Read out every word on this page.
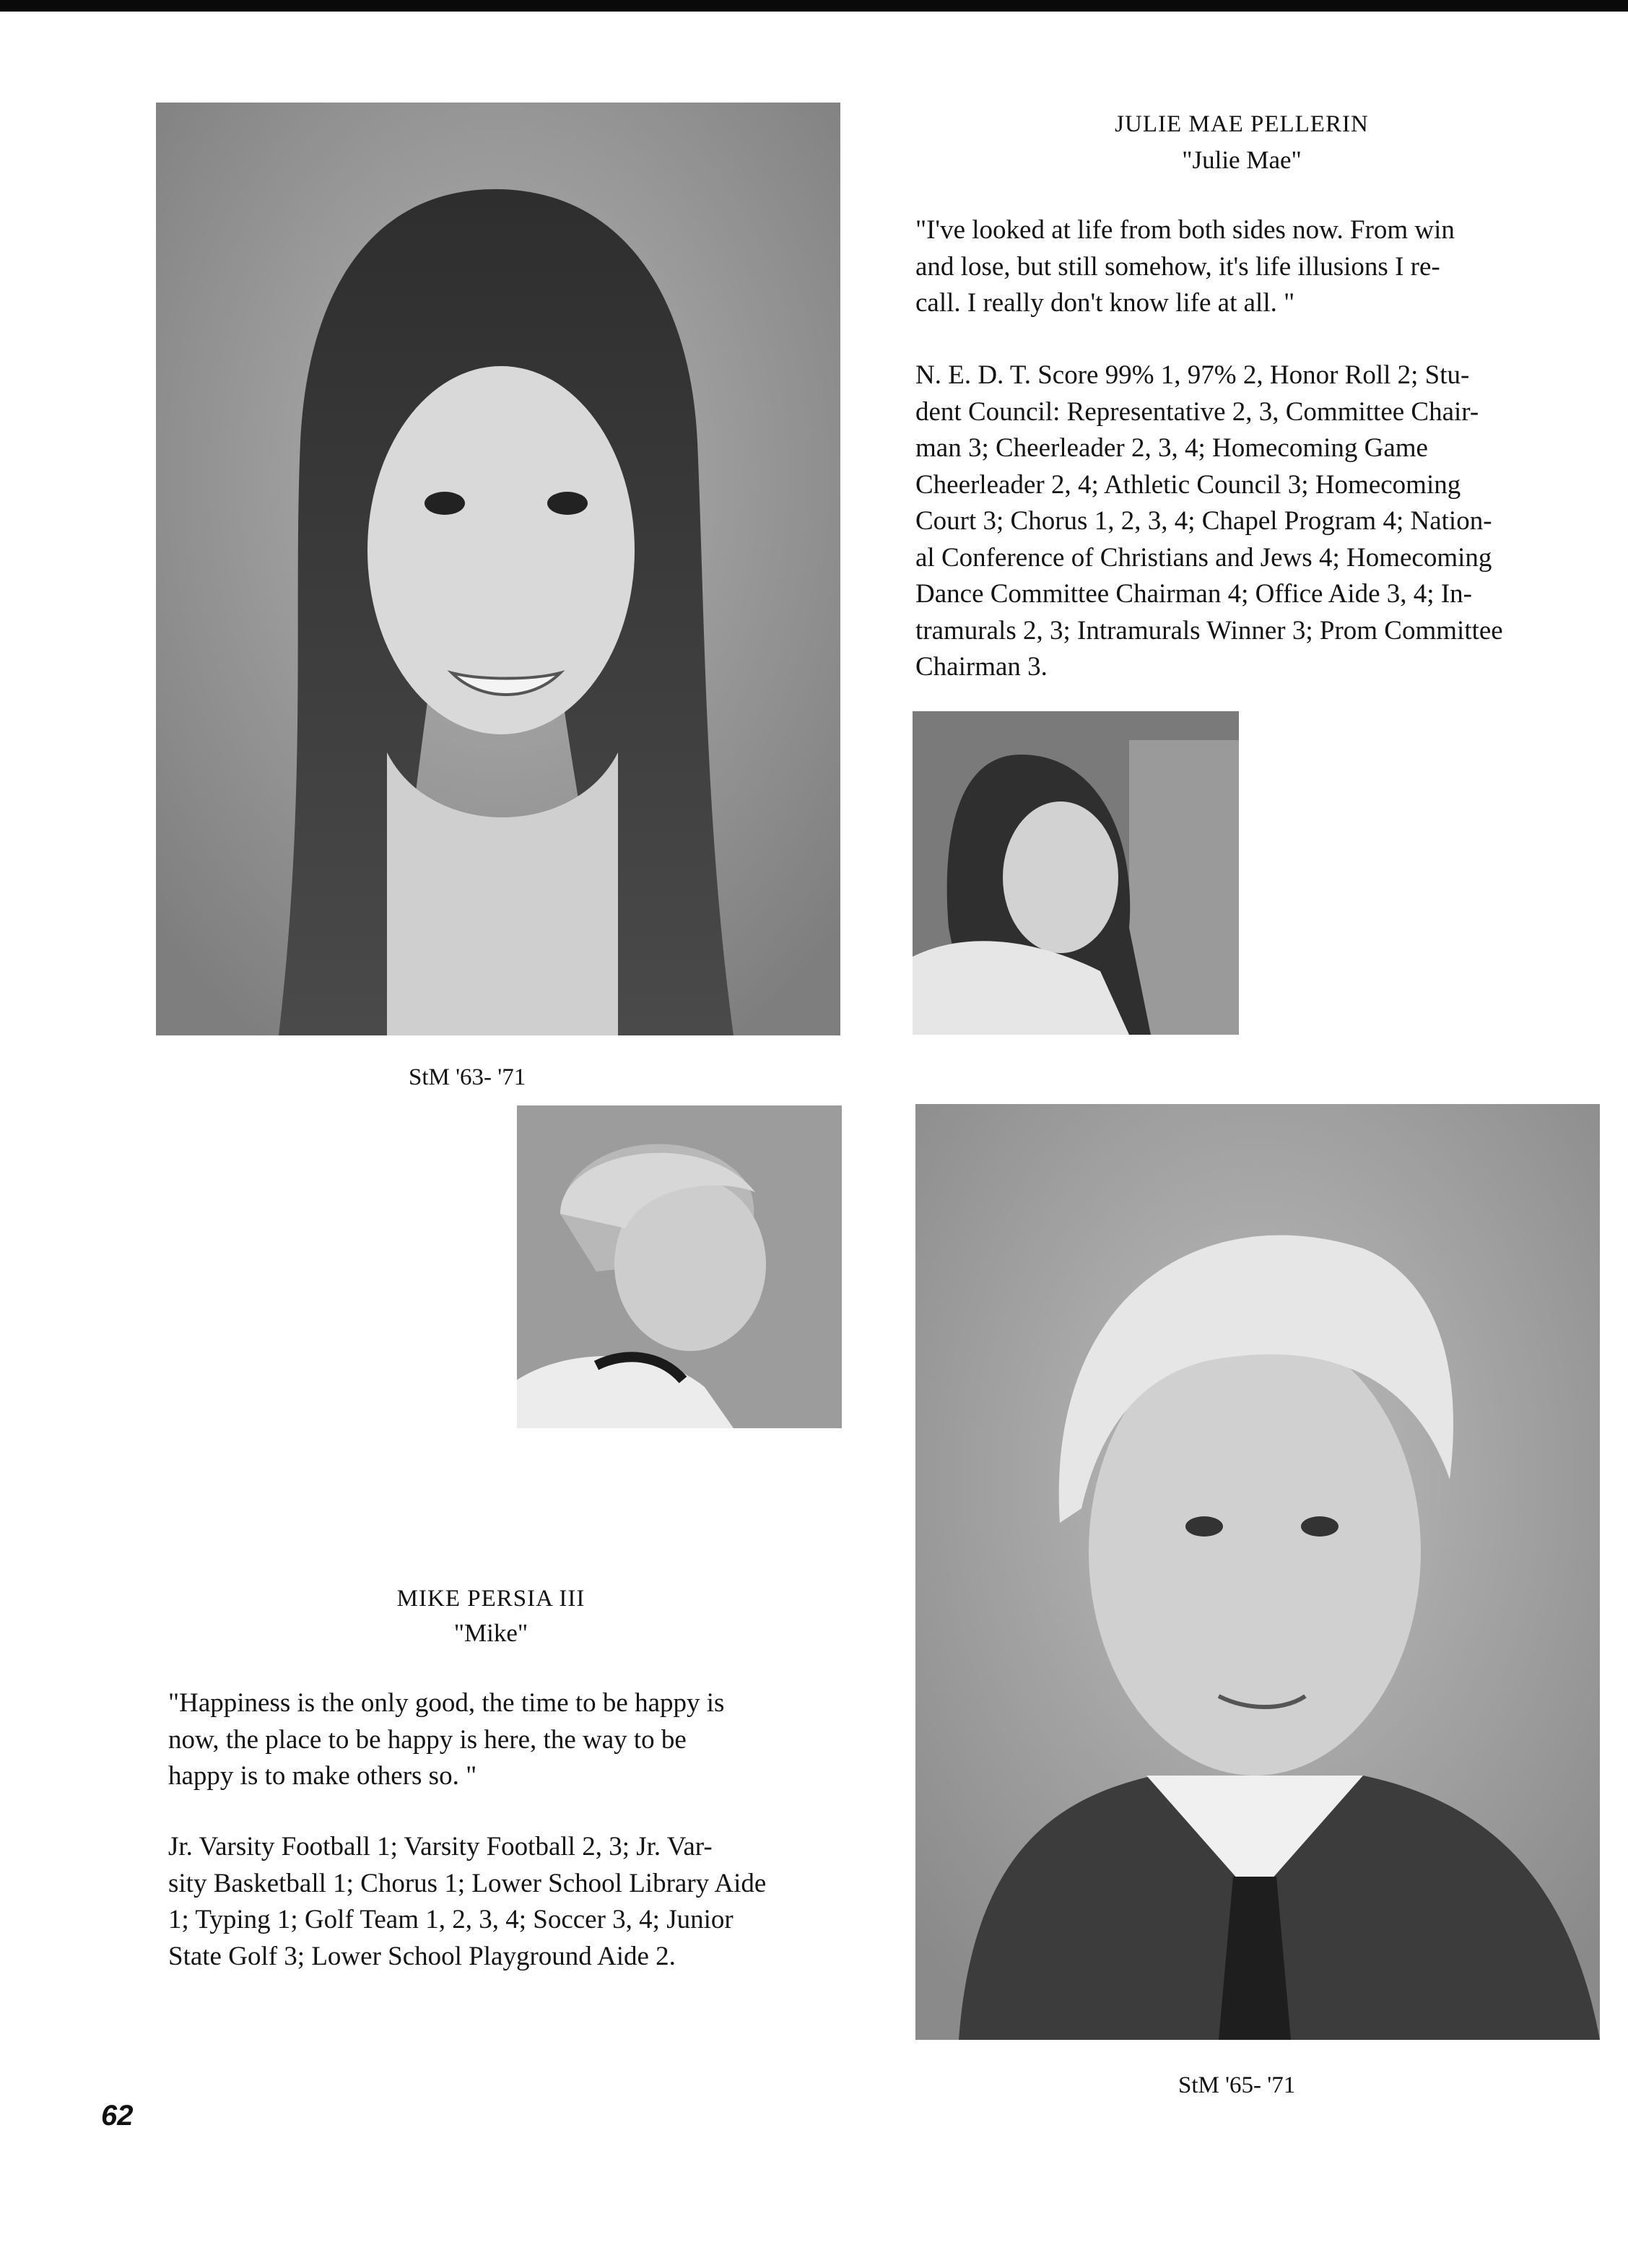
JULIE MAE PELLERIN
"Julie Mae"
"I've looked at life from both sides now. From win
and lose, but still somehow, it's life illusions I re-
call. I really don't know life at all. "
N. E. D. T. Score 99% 1, 97% 2, Honor Roll 2; Stu-
dent Council: Representative 2, 3, Committee Chair-
man 3; Cheerleader 2, 3, 4; Homecoming Game
Cheerleader 2, 4; Athletic Council 3; Homecoming
Court 3; Chorus 1, 2, 3, 4; Chapel Program 4; Nation-
al Conference of Christians and Jews 4; Homecoming
Dance Committee Chairman 4; Office Aide 3, 4; In-
tramurals 2, 3; Intramurals Winner 3; Prom Committee
Chairman 3.
StM '63- '71
MIKE PERSIA III
"Mike"
"Happiness is the only good, the time to be happy is
now, the place to be happy is here, the way to be
happy is to make others so. "
Jr. Varsity Football 1; Varsity Football 2, 3; Jr. Var-
sity Basketball 1; Chorus 1; Lower School Library Aide
1; Typing 1; Golf Team 1, 2, 3, 4; Soccer 3, 4; Junior
State Golf 3; Lower School Playground Aide 2.
StM '65- '71
62
